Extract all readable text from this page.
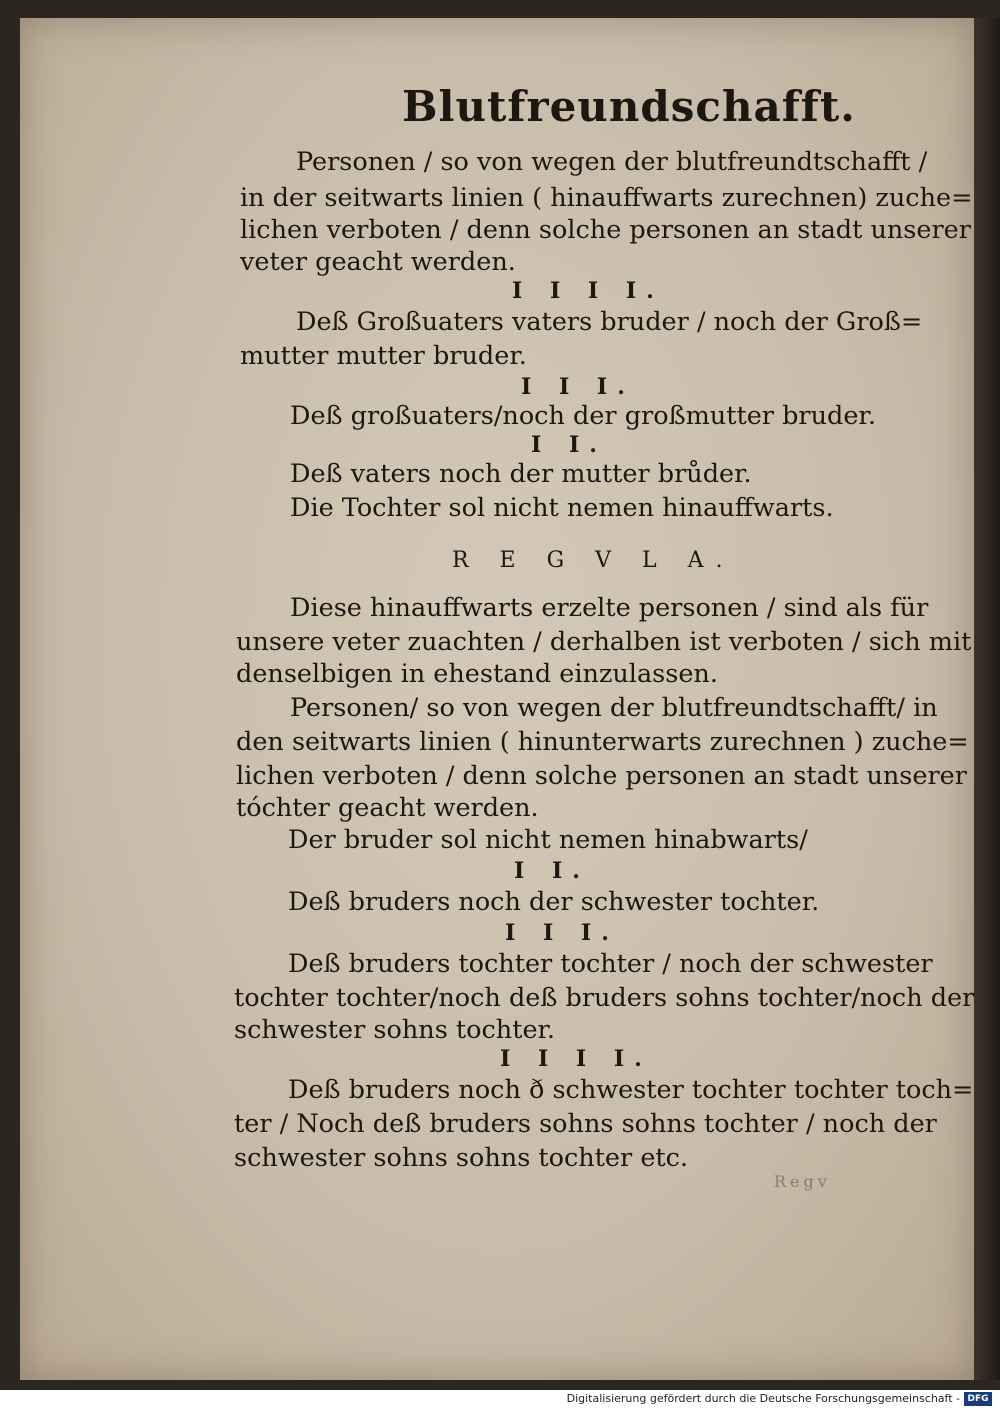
Blutfreundschafft.
Personen / so von wegen der blutfreundtschafft /
in der seitwarts linien ( hinauffwarts zurechnen) zuche=
lichen verboten / denn solche personen an stadt unserer
veter geacht werden.
I I I I.
Deß Großuaters vaters bruder / noch der Groß=
mutter mutter bruder.
I I I.
Deß großuaters/noch der großmutter bruder.
I I.
Deß vaters noch der mutter brůder.
Die Tochter sol nicht nemen hinauffwarts.
R E G V L A.
Diese hinauffwarts erzelte personen / sind als für
unsere veter zuachten / derhalben ist verboten / sich mit
denselbigen in ehestand einzulassen.
Personen/ so von wegen der blutfreundtschafft/ in
den seitwarts linien ( hinunterwarts zurechnen ) zuche=
lichen verboten / denn solche personen an stadt unserer
tóchter geacht werden.
Der bruder sol nicht nemen hinabwarts/
I I.
Deß bruders noch der schwester tochter.
I I I.
Deß bruders tochter tochter / noch der schwester
tochter tochter/noch deß bruders sohns tochter/noch der
schwester sohns tochter.
I I I I.
Deß bruders noch ð schwester tochter tochter toch=
ter / Noch deß bruders sohns sohns tochter / noch der
schwester sohns sohns tochter etc.
Regv
Digitalisierung gefördert durch die Deutsche Forschungsgemeinschaft - DFG
